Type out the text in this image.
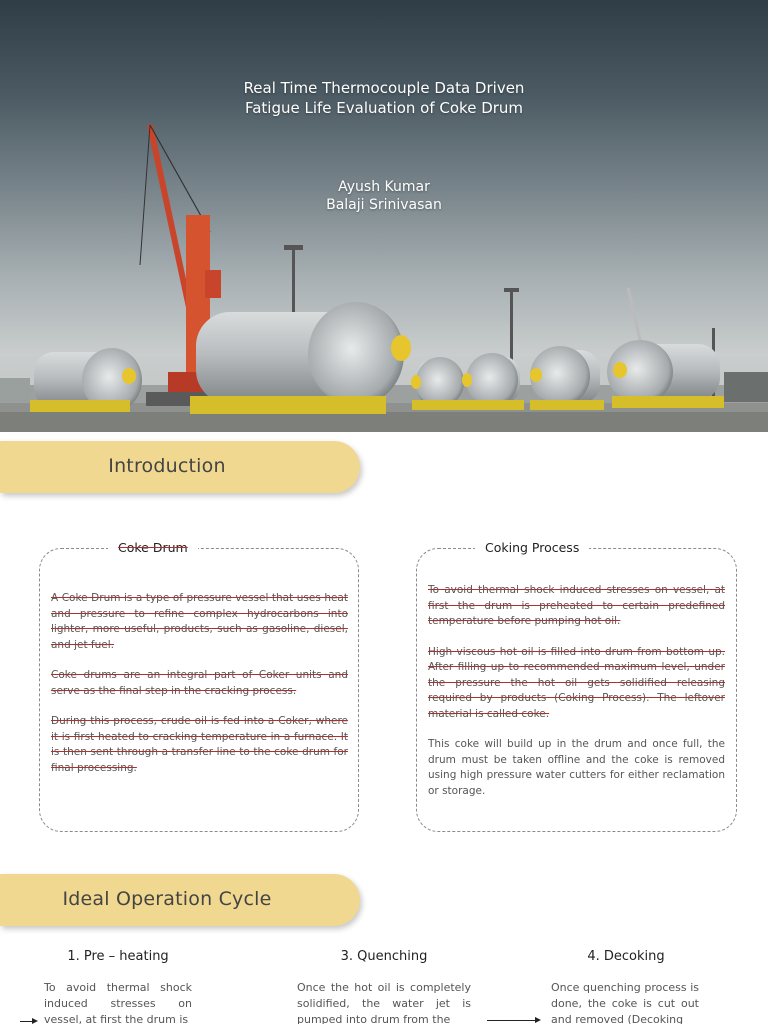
Real Time Thermocouple Data Driven
Fatigue Life Evaluation of Coke Drum
Ayush Kumar
Balaji Srinivasan
Introduction
Coke Drum

A Coke Drum is a type of pressure vessel that uses heat and pressure to refine complex hydrocarbons into lighter, more useful, products, such as gasoline, diesel, and jet fuel.

Coke drums are an integral part of Coker units and serve as the final step in the cracking process.

During this process, crude oil is fed into a Coker, where it is first heated to cracking temperature in a furnace. It is then sent through a transfer line to the coke drum for final processing.

Coking Process

To avoid thermal shock induced stresses on vessel, at first the drum is preheated to certain predefined temperature before pumping hot oil.

High viscous hot oil is filled into drum from bottom up. After filling up to recommended maximum level, under the pressure the hot oil gets solidified releasing required by products (Coking Process). The leftover material is called coke.

This coke will build up in the drum and once full, the drum must be taken offline and the coke is removed using high pressure water cutters for either reclamation or storage.

Ideal Operation Cycle
1. Pre – heating
To avoid thermal shock induced stresses on vessel, at first the drum is
3. Quenching
Once the hot oil is completely solidified, the water jet is pumped into drum from the
4. Decoking
Once quenching process is done, the coke is cut out and removed (Decoking
